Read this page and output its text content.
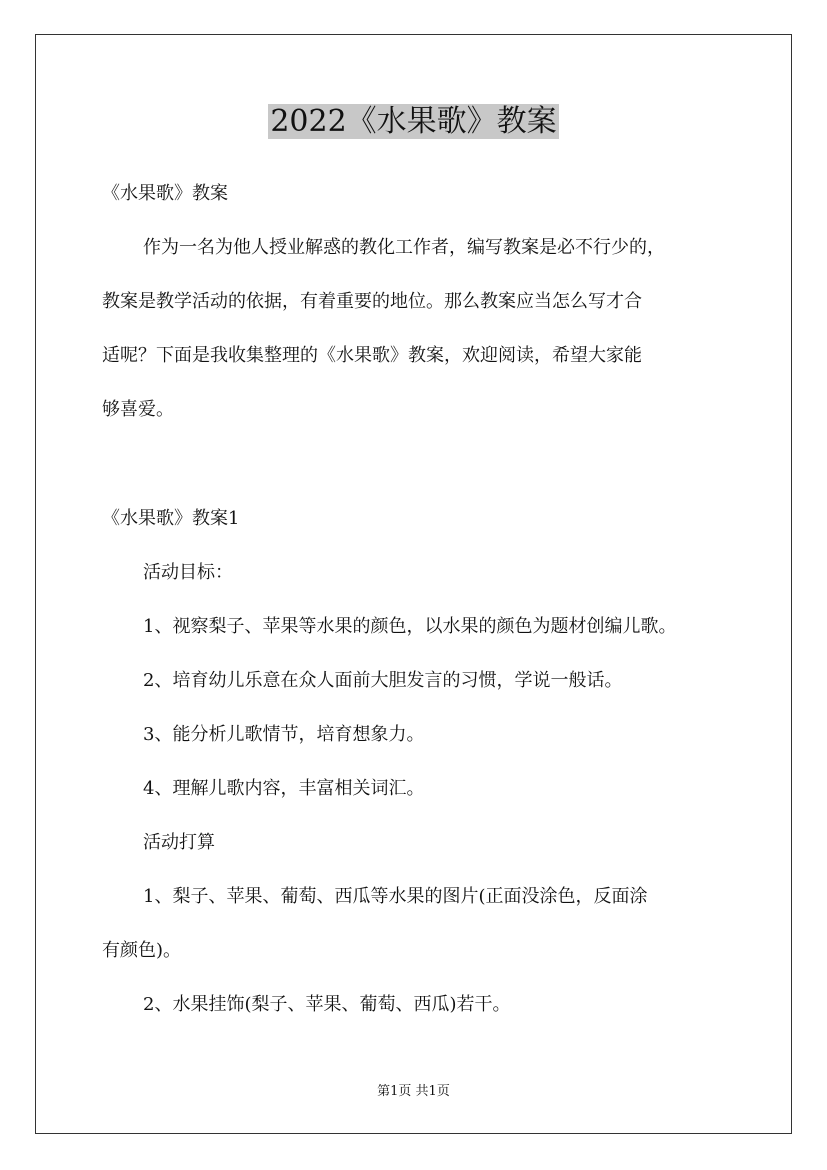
2022《水果歌》教案

《水果歌》教案

作为一名为他人授业解惑的教化工作者，编写教案是必不行少的，

教案是教学活动的依据，有着重要的地位。那么教案应当怎么写才合

适呢？下面是我收集整理的《水果歌》教案，欢迎阅读，希望大家能

够喜爱。

《水果歌》教案1

活动目标：

1、视察梨子、苹果等水果的颜色，以水果的颜色为题材创编儿歌。

2、培育幼儿乐意在众人面前大胆发言的习惯，学说一般话。

3、能分析儿歌情节，培育想象力。

4、理解儿歌内容，丰富相关词汇。

活动打算

1、梨子、苹果、葡萄、西瓜等水果的图片(正面没涂色，反面涂

有颜色)。

2、水果挂饰(梨子、苹果、葡萄、西瓜)若干。

第1页 共1页
